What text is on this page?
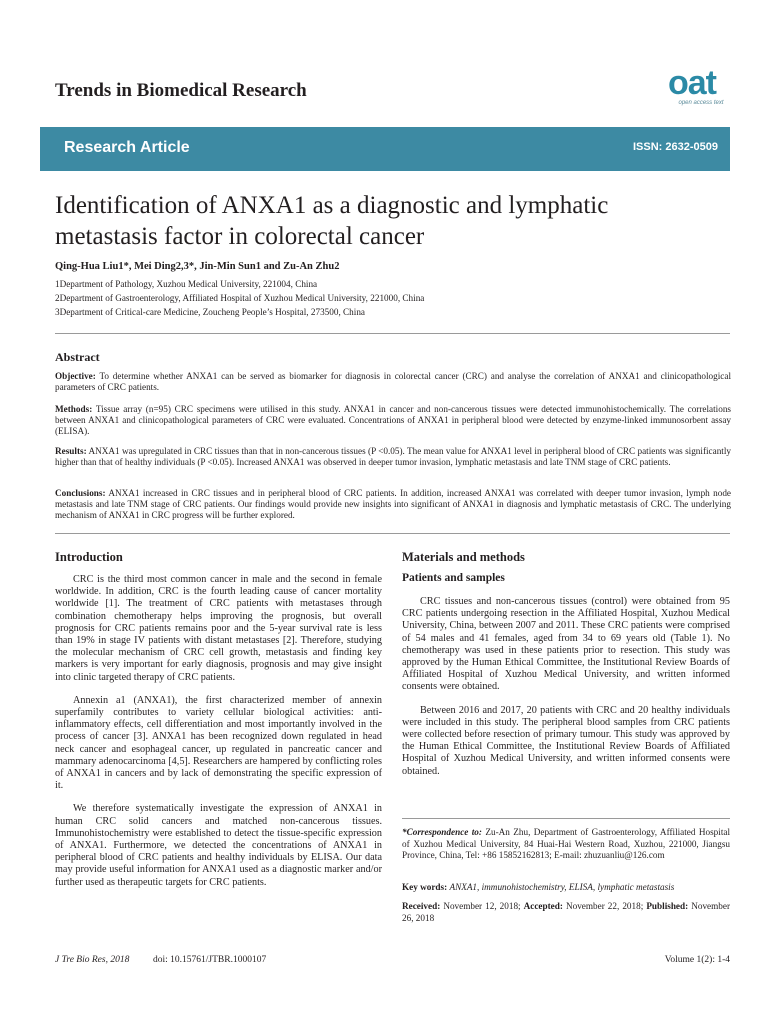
Trends in Biomedical Research	oat
open access text
Research Article	ISSN: 2632-0509
Identification of ANXA1 as a diagnostic and lymphatic
metastasis factor in colorectal cancer
Qing-Hua Liu1*, Mei Ding2,3*, Jin-Min Sun1 and Zu-An Zhu2
1Department of Pathology, Xuzhou Medical University, 221004, China
2Department of Gastroenterology, Affiliated Hospital of Xuzhou Medical University, 221000, China
3Department of Critical-care Medicine, Zoucheng People’s Hospital, 273500, China
Abstract
Objective: To determine whether ANXA1 can be served as biomarker for diagnosis in colorectal cancer (CRC) and analyse the correlation of ANXA1 and clinicopathological parameters of CRC patients.
Methods: Tissue array (n=95) CRC specimens were utilised in this study. ANXA1 in cancer and non-cancerous tissues were detected immunohistochemically. The correlations between ANXA1 and clinicopathological parameters of CRC were evaluated. Concentrations of ANXA1 in peripheral blood were detected by enzyme-linked immunosorbent assay (ELISA).
Results: ANXA1 was upregulated in CRC tissues than that in non-cancerous tissues (P <0.05). The mean value for ANXA1 level in peripheral blood of CRC patients was significantly higher than that of healthy individuals (P <0.05). Increased ANXA1 was observed in deeper tumor invasion, lymphatic metastasis and late TNM stage of CRC patients.
Conclusions: ANXA1 increased in CRC tissues and in peripheral blood of CRC patients. In addition, increased ANXA1 was correlated with deeper tumor invasion, lymph node metastasis and late TNM stage of CRC patients. Our findings would provide new insights into significant of ANXA1 in diagnosis and lymphatic metastasis of CRC. The underlying mechanism of ANXA1 in CRC progress will be further explored.
Introduction

CRC is the third most common cancer in male and the second in female worldwide. In addition, CRC is the fourth leading cause of cancer mortality worldwide [1]. The treatment of CRC patients with metastases through combination chemotherapy helps improving the prognosis, but overall prognosis for CRC patients remains poor and the 5-year survival rate is less than 19% in stage IV patients with distant metastases [2]. Therefore, studying the molecular mechanism of CRC cell growth, metastasis and finding key markers is very important for early diagnosis, prognosis and may give insight into clinic targeted therapy of CRC patients.

Annexin a1 (ANXA1), the first characterized member of annexin superfamily contributes to variety cellular biological activities: anti-inflammatory effects, cell differentiation and most importantly involved in the process of cancer [3]. ANXA1 has been recognized down regulated in head neck cancer and esophageal cancer, up regulated in pancreatic cancer and mammary adenocarcinoma [4,5]. Researchers are hampered by conflicting roles of ANXA1 in cancers and by lack of demonstrating the specific expression of it.

We therefore systematically investigate the expression of ANXA1 in human CRC solid cancers and matched non-cancerous tissues. Immunohistochemistry were established to detect the tissue-specific expression of ANXA1. Furthermore, we detected the concentrations of ANXA1 in peripheral blood of CRC patients and healthy individuals by ELISA. Our data may provide useful information for ANXA1 used as a diagnostic marker and/or further used as therapeutic targets for CRC patients.

Materials and methods
Patients and samples

CRC tissues and non-cancerous tissues (control) were obtained from 95 CRC patients undergoing resection in the Affiliated Hospital, Xuzhou Medical University, China, between 2007 and 2011. These CRC patients were comprised of 54 males and 41 females, aged from 34 to 69 years old (Table 1). No chemotherapy was used in these patients prior to resection. This study was approved by the Human Ethical Committee, the Institutional Review Boards of Affiliated Hospital of Xuzhou Medical University, and written informed consents were obtained.

Between 2016 and 2017, 20 patients with CRC and 20 healthy individuals were included in this study. The peripheral blood samples from CRC patients were collected before resection of primary tumour. This study was approved by the Human Ethical Committee, the Institutional Review Boards of Affiliated Hospital of Xuzhou Medical University, and written informed consents were obtained.

*Correspondence to: Zu-An Zhu, Department of Gastroenterology, Affiliated Hospital of Xuzhou Medical University, 84 Huai-Hai Western Road, Xuzhou, 221000, Jiangsu Province, China, Tel: +86 15852162813; E-mail: zhuzuanliu@126.com
Key words: ANXA1, immunohistochemistry, ELISA, lymphatic metastasis
Received: November 12, 2018; Accepted: November 22, 2018; Published: November 26, 2018
J Tre Bio Res, 2018 doi: 10.15761/JTBR.1000107	Volume 1(2): 1-4
